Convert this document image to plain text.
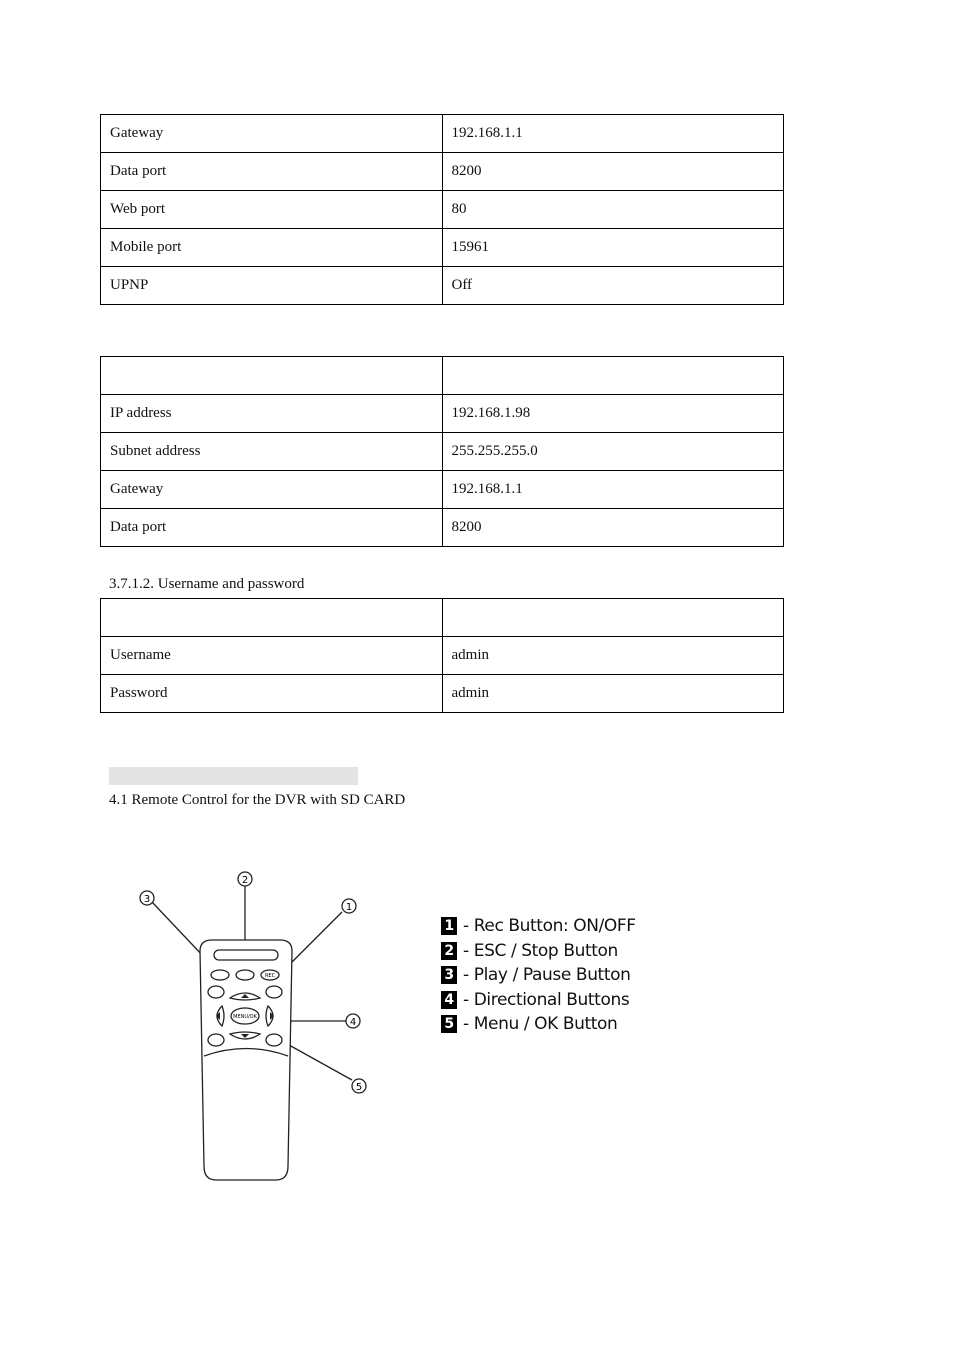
Gateway	192.168.1.1
Data port	8200
Web port	80
Mobile port	15961
UPNP	Off

IP address	192.168.1.98
Subnet address	255.255.255.0
Gateway	192.168.1.1
Data port	8200
3.7.1.2. Username and password

Username	admin
Password	admin
4.1 Remote Control for the DVR with SD CARD
2
3
1
4
5
REC
MENU/OK
1 - Rec Button: ON/OFF
2 - ESC / Stop Button
3 - Play / Pause Button
4 - Directional Buttons
5 - Menu / OK Button
